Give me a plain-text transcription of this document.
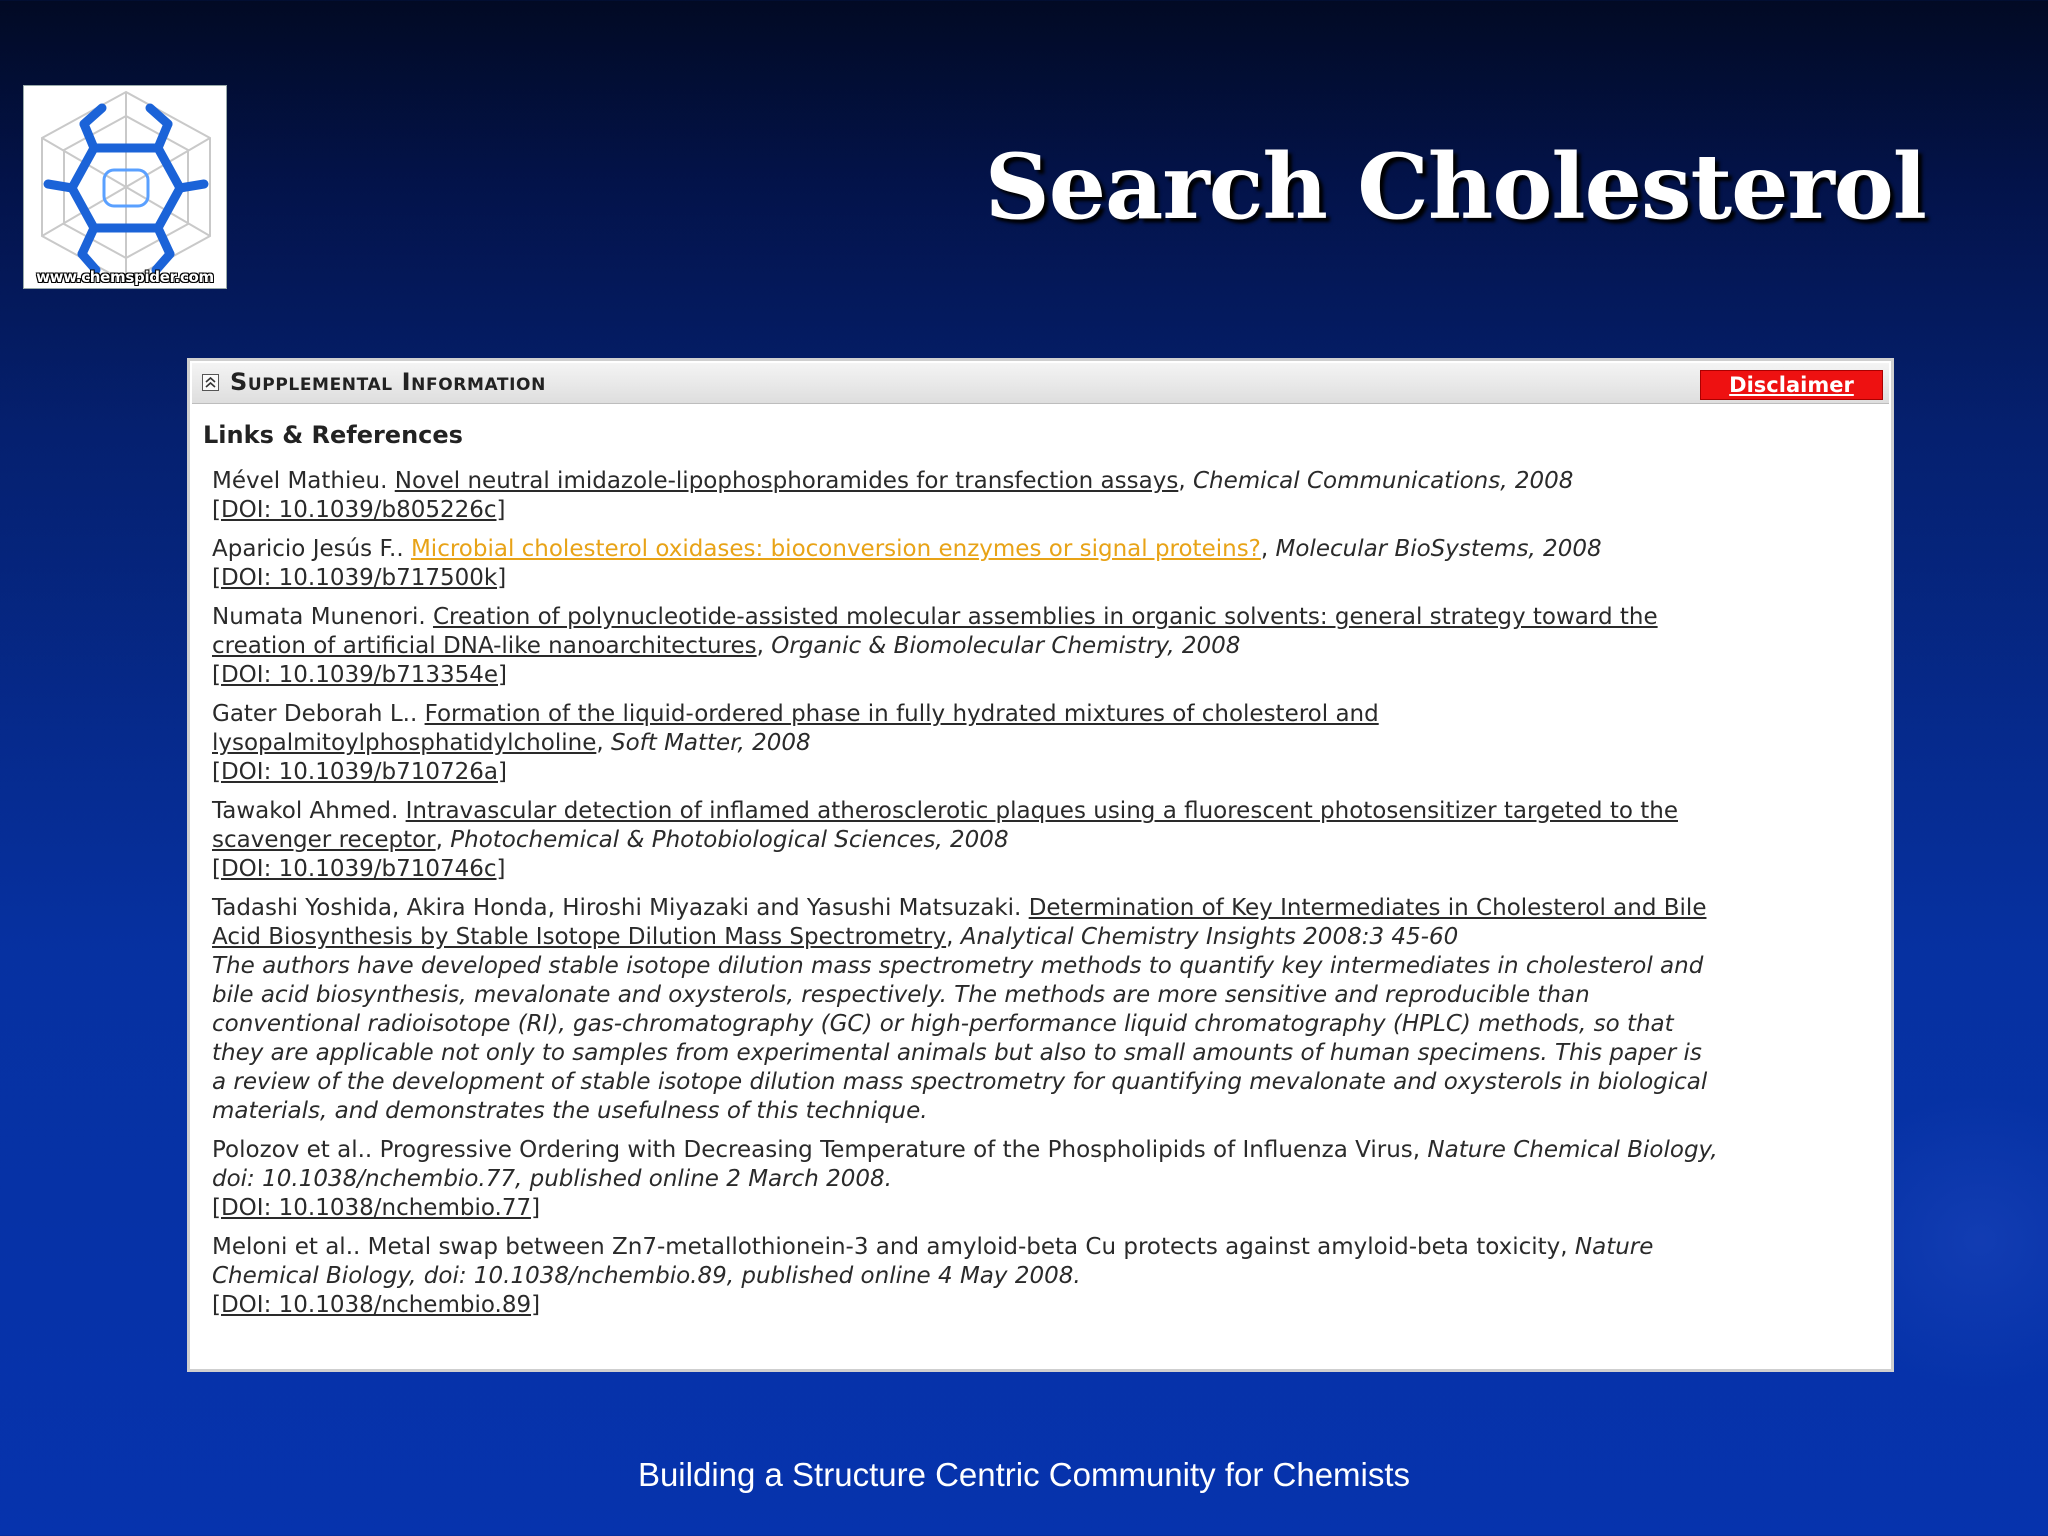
www.chemspider.com
Search Cholesterol
Supplemental Information	Disclaimer
Links & References
Mével Mathieu. Novel neutral imidazole-lipophosphoramides for transfection assays, Chemical Communications, 2008
[DOI: 10.1039/b805226c]
Aparicio Jesús F.. Microbial cholesterol oxidases: bioconversion enzymes or signal proteins?, Molecular BioSystems, 2008
[DOI: 10.1039/b717500k]
Numata Munenori. Creation of polynucleotide-assisted molecular assemblies in organic solvents: general strategy toward the
creation of artificial DNA-like nanoarchitectures, Organic & Biomolecular Chemistry, 2008
[DOI: 10.1039/b713354e]
Gater Deborah L.. Formation of the liquid-ordered phase in fully hydrated mixtures of cholesterol and
lysopalmitoylphosphatidylcholine, Soft Matter, 2008
[DOI: 10.1039/b710726a]
Tawakol Ahmed. Intravascular detection of inflamed atherosclerotic plaques using a fluorescent photosensitizer targeted to the
scavenger receptor, Photochemical & Photobiological Sciences, 2008
[DOI: 10.1039/b710746c]
Tadashi Yoshida, Akira Honda, Hiroshi Miyazaki and Yasushi Matsuzaki. Determination of Key Intermediates in Cholesterol and Bile
Acid Biosynthesis by Stable Isotope Dilution Mass Spectrometry, Analytical Chemistry Insights 2008:3 45-60
The authors have developed stable isotope dilution mass spectrometry methods to quantify key intermediates in cholesterol and
bile acid biosynthesis, mevalonate and oxysterols, respectively. The methods are more sensitive and reproducible than
conventional radioisotope (RI), gas-chromatography (GC) or high-performance liquid chromatography (HPLC) methods, so that
they are applicable not only to samples from experimental animals but also to small amounts of human specimens. This paper is
a review of the development of stable isotope dilution mass spectrometry for quantifying mevalonate and oxysterols in biological
materials, and demonstrates the usefulness of this technique.
Polozov et al.. Progressive Ordering with Decreasing Temperature of the Phospholipids of Influenza Virus, Nature Chemical Biology,
doi: 10.1038/nchembio.77, published online 2 March 2008.
[DOI: 10.1038/nchembio.77]
Meloni et al.. Metal swap between Zn7-metallothionein-3 and amyloid-beta Cu protects against amyloid-beta toxicity, Nature
Chemical Biology, doi: 10.1038/nchembio.89, published online 4 May 2008.
[DOI: 10.1038/nchembio.89]
Building a Structure Centric Community for Chemists
